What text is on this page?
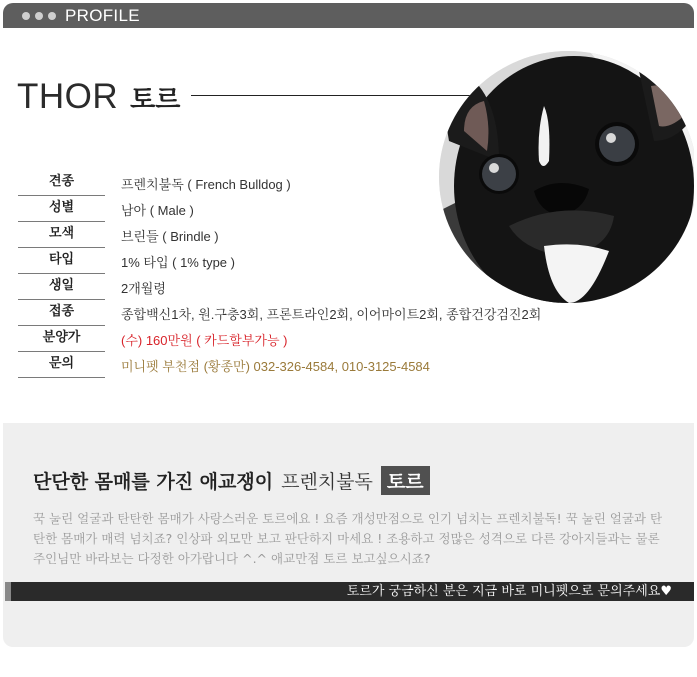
PROFILE
THOR 토르
견종	프렌치불독 ( French Bulldog )
성별	남아 ( Male )
모색	브린들 ( Brindle )
타입	1% 타입 ( 1% type )
생일	2개월령
접종	종합백신1차, 원.구충3회, 프론트라인2회, 이어마이트2회, 종합건강검진2회
분양가	(수) 160만원 ( 카드할부가능 )
문의	미니펫 부천점 (황종만) 032-326-4584, 010-3125-4584
단단한 몸매를 가진 애교쟁이 프렌치불독 토르
꾹 눌린 얼굴과 탄탄한 몸매가 사랑스러운 토르에요 ! 요즘 개성만점으로 인기 넘치는 프렌치불독! 꾹 눌린 얼굴과 탄탄한 몸매가 매력 넘치죠? 인상파 외모만 보고 판단하지 마세요 ! 조용하고 정많은 성격으로 다른 강아지들과는 물론 주인님만 바라보는 다정한 아가랍니다 ^.^ 애교만점 토르 보고싶으시죠?
토르가 궁금하신 분은 지금 바로 미니펫으로 문의주세요♥
